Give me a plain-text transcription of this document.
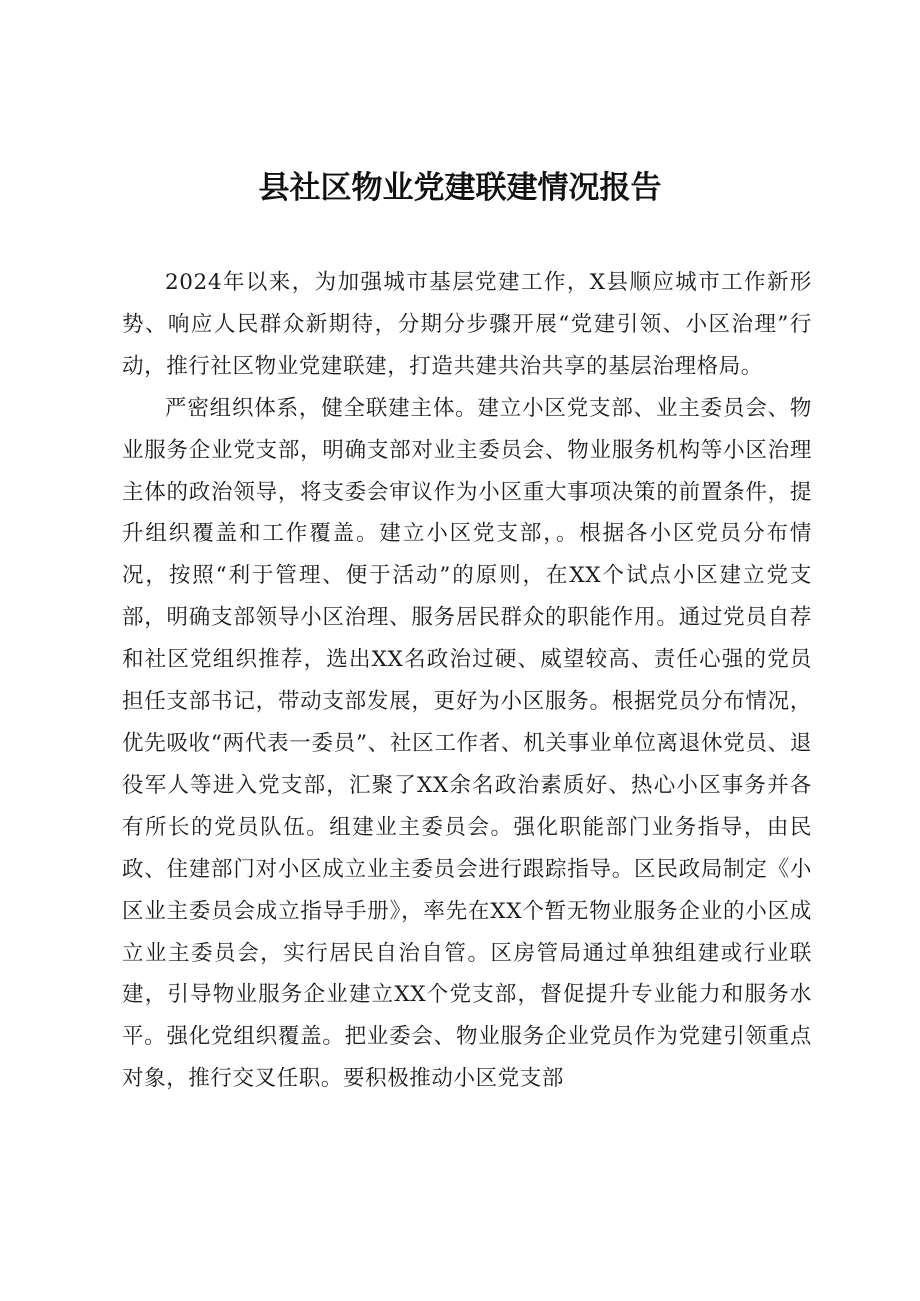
县社区物业党建联建情况报告

2024年以来，为加强城市基层党建工作，X县顺应城市工作新形势、响应人民群众新期待，分期分步骤开展“党建引领、小区治理”行动，推行社区物业党建联建，打造共建共治共享的基层治理格局。

严密组织体系，健全联建主体。建立小区党支部、业主委员会、物业服务企业党支部，明确支部对业主委员会、物业服务机构等小区治理主体的政治领导，将支委会审议作为小区重大事项决策的前置条件，提升组织覆盖和工作覆盖。建立小区党支部，。根据各小区党员分布情况，按照“利于管理、便于活动”的原则，在XX个试点小区建立党支部，明确支部领导小区治理、服务居民群众的职能作用。通过党员自荐和社区党组织推荐，选出XX名政治过硬、威望较高、责任心强的党员担任支部书记，带动支部发展，更好为小区服务。根据党员分布情况，优先吸收“两代表一委员”、社区工作者、机关事业单位离退休党员、退役军人等进入党支部，汇聚了XX余名政治素质好、热心小区事务并各有所长的党员队伍。组建业主委员会。强化职能部门业务指导，由民政、住建部门对小区成立业主委员会进行跟踪指导。区民政局制定《小区业主委员会成立指导手册》，率先在XX个暂无物业服务企业的小区成立业主委员会，实行居民自治自管。区房管局通过单独组建或行业联建，引导物业服务企业建立XX个党支部，督促提升专业能力和服务水平。强化党组织覆盖。把业委会、物业服务企业党员作为党建引领重点对象，推行交叉任职。要积极推动小区党支部
